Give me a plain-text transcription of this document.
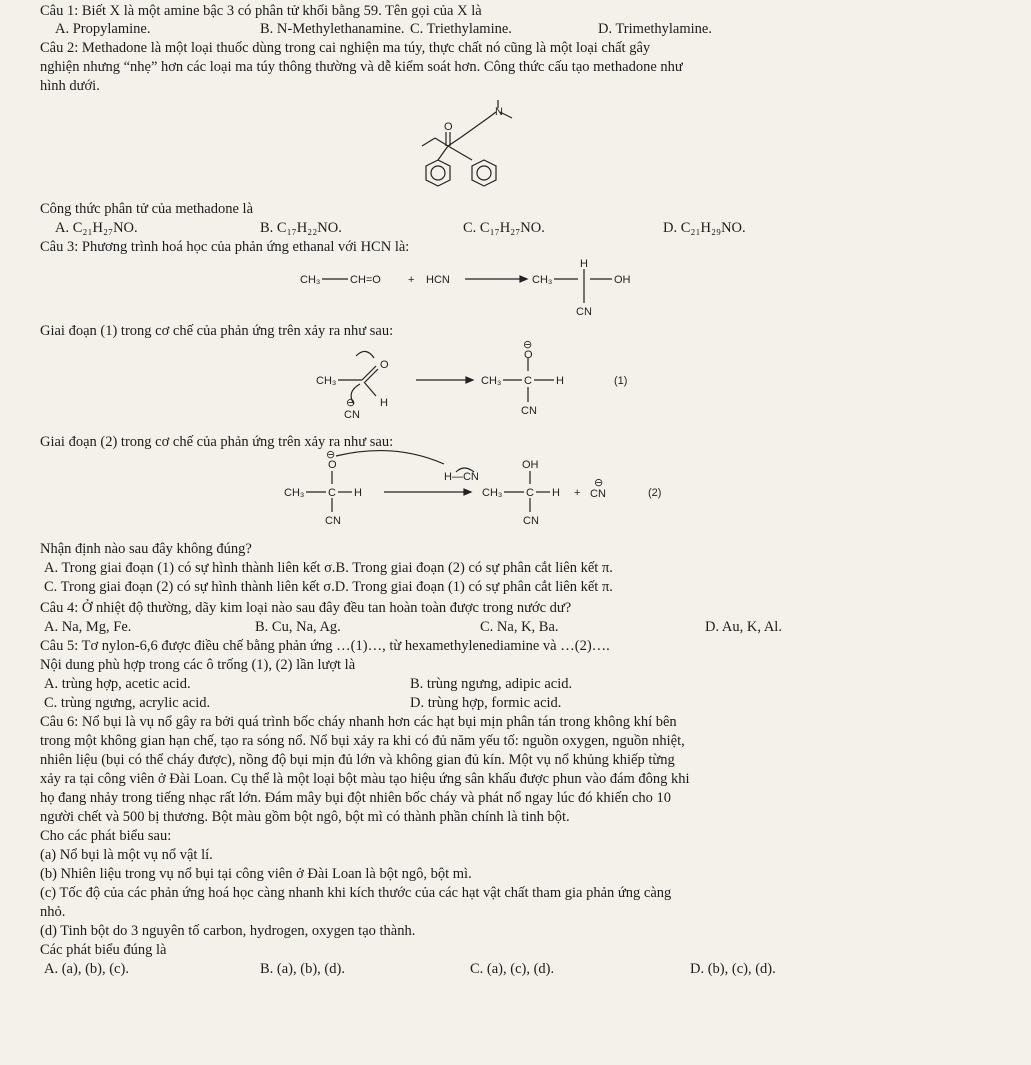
Câu 1: Biết X là một amine bậc 3 có phân tử khối bằng 59. Tên gọi của X là
A. Propylamine.	B. N-Methylethanamine. C. Triethylamine.	D. Trimethylamine.
Câu 2: Methadone là một loại thuốc dùng trong cai nghiện ma túy, thực chất nó cũng là một loại chất gây
nghiện nhưng “nhẹ” hơn các loại ma túy thông thường và dễ kiểm soát hơn. Công thức cấu tạo methadone như
hình dưới.
O
N
Công thức phân tử của methadone là
A. C₂₁H₂₇NO.	B. C₁₇H₂₂NO.	C. C₁₇H₂₇NO.	D. C₂₁H₂₉NO.
Câu 3: Phương trình hoá học của phản ứng ethanal với HCN là:
CH₃	CH=O + HCN	CH₃
H
OH
CN
Giai đoạn (1) trong cơ chế của phản ứng trên xảy ra như sau:
CH₃
O
H
⊖
CN
CH₃ C
⊖
O
H
CN
(1)
Giai đoạn (2) trong cơ chế của phản ứng trên xảy ra như sau:
CH₃ C
⊖
O
H
CN
H—CN
CH₃ C
OH
H
CN
+
⊖
CN	(2)
Nhận định nào sau đây không đúng?
A. Trong giai đoạn (1) có sự hình thành liên kết σ.B. Trong giai đoạn (2) có sự phân cắt liên kết π.
C. Trong giai đoạn (2) có sự hình thành liên kết σ.D. Trong giai đoạn (1) có sự phân cắt liên kết π.
Câu 4: Ở nhiệt độ thường, dãy kim loại nào sau đây đều tan hoàn toàn được trong nước dư?
A. Na, Mg, Fe.	B. Cu, Na, Ag.	C. Na, K, Ba.	D. Au, K, Al.
Câu 5: Tơ nylon-6,6 được điều chế bằng phản ứng …(1)…, từ hexamethylenediamine và …(2)….
Nội dung phù hợp trong các ô trống (1), (2) lần lượt là
A. trùng hợp, acetic acid.	B. trùng ngưng, adipic acid.
C. trùng ngưng, acrylic acid.	D. trùng hợp, formic acid.
Câu 6: Nổ bụi là vụ nổ gây ra bởi quá trình bốc cháy nhanh hơn các hạt bụi mịn phân tán trong không khí bên
trong một không gian hạn chế, tạo ra sóng nổ. Nổ bụi xảy ra khi có đủ năm yếu tố: nguồn oxygen, nguồn nhiệt,
nhiên liệu (bụi có thể cháy được), nồng độ bụi mịn đủ lớn và không gian đủ kín. Một vụ nổ khủng khiếp từng
xảy ra tại công viên ở Đài Loan. Cụ thể là một loại bột màu tạo hiệu ứng sân khấu được phun vào đám đông khi
họ đang nhảy trong tiếng nhạc rất lớn. Đám mây bụi đột nhiên bốc cháy và phát nổ ngay lúc đó khiến cho 10
người chết và 500 bị thương. Bột màu gồm bột ngô, bột mì có thành phần chính là tinh bột.
Cho các phát biểu sau:
(a) Nổ bụi là một vụ nổ vật lí.
(b) Nhiên liệu trong vụ nổ bụi tại công viên ở Đài Loan là bột ngô, bột mì.
(c) Tốc độ của các phản ứng hoá học càng nhanh khi kích thước của các hạt vật chất tham gia phản ứng càng
nhỏ.
(d) Tinh bột do 3 nguyên tố carbon, hydrogen, oxygen tạo thành.
Các phát biểu đúng là
A. (a), (b), (c).	B. (a), (b), (d).	C. (a), (c), (d).	D. (b), (c), (d).
